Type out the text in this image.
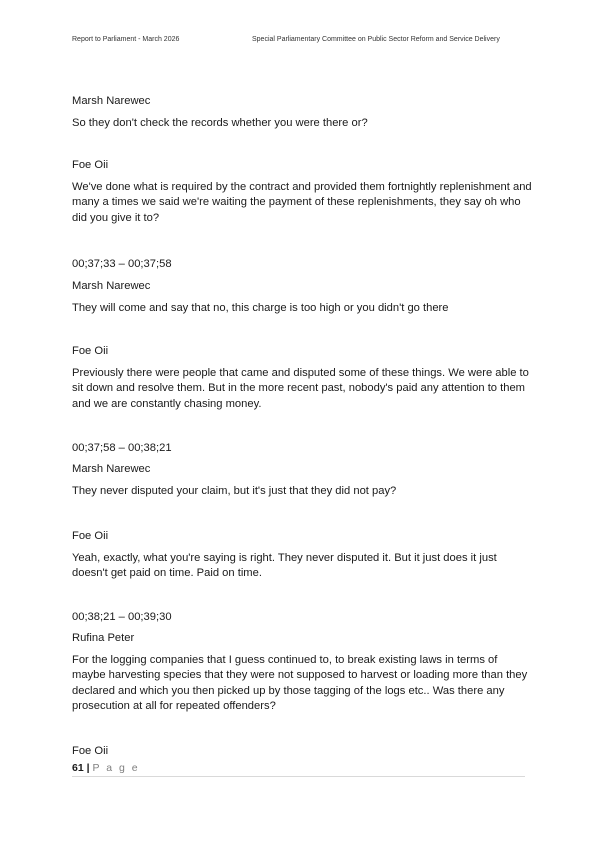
Report to Parliament - March 2026	Special Parliamentary Committee on Public Sector Reform and Service Delivery

Marsh Narewec

So they don't check the records whether you were there or?

Foe Oii

We've done what is required by the contract and provided them fortnightly replenishment and many a times we said we're waiting the payment of these replenishments, they say oh who did you give it to?

00;37;33 – 00;37;58

Marsh Narewec

They will come and say that no, this charge is too high or you didn't go there

Foe Oii

Previously there were people that came and disputed some of these things. We were able to sit down and resolve them. But in the more recent past, nobody's paid any attention to them and we are constantly chasing money.

00;37;58 – 00;38;21

Marsh Narewec

They never disputed your claim, but it's just that they did not pay?

Foe Oii

Yeah, exactly, what you're saying is right. They never disputed it. But it just does it just doesn't get paid on time. Paid on time.

00;38;21 – 00;39;30

Rufina Peter

For the logging companies that I guess continued to, to break existing laws in terms of maybe harvesting species that they were not supposed to harvest or loading more than they declared and which you then picked up by those tagging of the logs etc.. Was there any prosecution at all for repeated offenders?

Foe Oii

61 | P a g e
